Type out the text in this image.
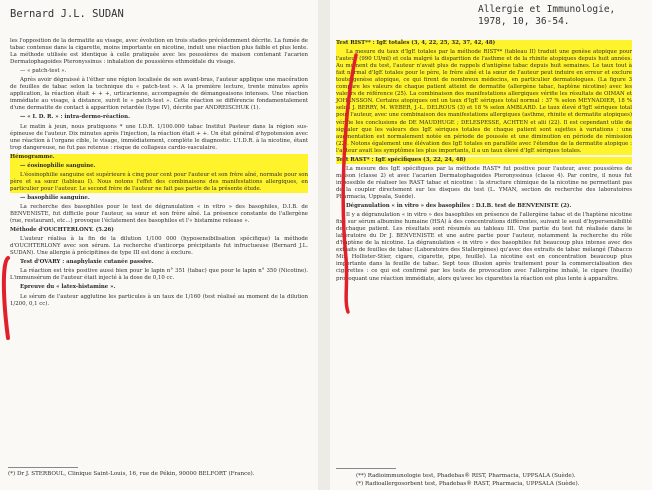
Bernard J.L. SUDAN

les l'opposition de la dermatite au visage, avec évolution en trois stades précédemment décrite. La fumée de tabac contenue dans la cigarette, moins importante en nicotine, induit une réaction plus faible et plus lente. La méthode utilisée est identique à celle pratiquée avec les poussières de maison contenant l'acarien Dermatophagoides Pteronyssinus : inhalation de poussières ethmoïdale du visage.

— « patch-test ».

Après avoir dégraissé à l'éther une région localisée de son avant-bras, l'auteur applique une macération de feuilles de tabac selon la technique du « patch-test ». A la première lecture, trente minutes après application, la réaction était + + +, urticarienne, accompagnée de démangeaisons intenses. Une réaction immédiate au visage, à distance, suivit le « patch-test ». Cette réaction se différencie fondamentalement d'une dermatite de contact à apparition retardée (type IV), décrite par ANDREISCHUK (1).

— « I. D. R. » : intra-dermo-réaction.

Le matin à jeun, nous pratiquons * une I.D.R. 1/100.000 tabac Institut Pasteur dans la région sus-épineuse de l'auteur. Dix minutes après l'injection, la réaction était + +. Un état général d'hypotension avec une réaction à l'organe cible, le visage, immédiatement, complète le diagnostic. L'I.D.R. à la nicotine, étant trop dangereuse, ne fut pas retenue : risque de collapsus cardio-vasculaire.

Hémogramme.

— éosinophilie sanguine.

L'éosinophilie sanguine est supérieure à cinq pour cent pour l'auteur et son frère aîné, normale pour son père et sa sœur (tableau I). Nous notons l'effet des combinaisons des manifestations allergiques, en particulier pour l'auteur. Le second frère de l'auteur ne fait pas partie de la présente étude.

— basophilie sanguine.

La recherche des basophiles pour le test de dégranulation « in vitro » des basophiles, D.I.B. de BENVENISTE, fut difficile pour l'auteur, sa sœur et son frère aîné. La présence constante de l'allergène (rue, restaurant, etc...) provoque l'éclatement des basophiles et l'« histamine release ».

Méthode d'OUCHTERLONY. (5.26)

L'auteur réalisa à la fin de la dilution 1/100 000 (hyposensibilisation spécifique) la méthode d'OUCHTERLONY avec son sérum. La recherche d'anticorps précipitants fut infructueuse (Bernard J.L. SUDAN). Une allergie à précipitines de type III est donc à exclure.

Test d'OVARY : anaphylaxie cutanée passive.

La réaction est très positive aussi bien pour le lapin n° 351 (tabac) que pour le lapin n° 350 (Nicotine). L'immunsérum de l'auteur était injecté à la dose de 0,10 cc.

Epreuve du « latex-histamine ».

Le sérum de l'auteur agglutine les particules à un taux de 1/160 (test réalisé au moment de la dilution 1/200, 0,1 cc).

(*) Dr J. STERBOUL, Clinique Saint-Louis, 16, rue de Pékin, 90000 BELFORT (France).
Allergie et Immunologie,
1978, 10, 36-54.

Test RIST** : IgE totales (3, 4, 22, 25, 32, 37, 42, 48)

La mesure du taux d'IgE totales par la méthode RIST** (tableau II) traduit une genèse atopique pour l'auteur (990 UI/ml) et cela malgré la disparition de l'asthme et de la rhinite atopiques depuis huit années. Au moment du test, l'auteur n'avait plus de rappels d'antigène tabac depuis huit semaines. Le taux tout à fait normal d'IgE totales pour le père, le frère aîné et la sœur de l'auteur peut induire en erreur et exclure toute genèse atopique, ce qui firent de nombreux médecins, en particulier dermatologues. (La figure 3 compare les valeurs de chaque patient atteint de dermatite (allergène tabac, haptène nicotine) avec les valeurs de référence (25). La combinaison des manifestations allergiques vérifie les résultats de OIMAN et JOHANSSON. Certains atopiques ont un taux d'IgE sériques total normal : 37 % selon MEYNADIER, 18 % selon J. BERRY, M. WEBER, J.-L. DELROUS (3) et 18 % selon AMBLARD. Le taux élevé d'IgE sériques total pour l'auteur, avec une combinaison des manifestations allergiques (asthme, rhinite et dermatite atopiques) vérifie les conclusions de DE MAUDHUGE ; DELESPESSE, ACHTEN et alii (22). Il est cependant utile de signaler que les valeurs des IgE sériques totales de chaque patient sont sujettes à variations : une augmentation est normalement notée en période de poussée et une diminution en période de rémission (22). Notons également une élévation des IgE totales en parallèle avec l'étendue de la dermatite atopique : l'auteur avait les symptômes les plus importants, il a un taux élevé d'IgE sériques totales.

Test RAST* : IgE spécifiques (3, 22, 24, 48)

La mesure des IgE spécifiques par la méthode RAST* fut positive pour l'auteur, avec poussières de maison (classe 2) et avec l'acarien Dermatophagoides Pteronyssinus (classe 4). Par contre, il nous fut impossible de réaliser les RAST tabac et nicotine : la structure chimique de la nicotine ne permettant pas de la coupler directement sur les disques du test (L. YMAN, section de recherche des laboratoires Pharmacia, Uppsala, Suède).

Dégranulation « in vitro » des basophiles : D.I.B. test de BENVENISTE (2).

Il y a dégranulation « in vitro » des basophiles en présence de l'allergène tabac et de l'haptène nicotine fixé sur sérum albumine humaine (HSA) à des concentrations différentes, suivant le seuil d'hypersensibilité de chaque patient. Les résultats sont résumés au tableau III. Une partie du test fut réalisée dans le laboratoire du Dr J. BENVENISTE et une autre partie pour l'auteur, notamment la recherche du rôle d'haptène de la nicotine. La dégranulation « in vitro » des basophiles fut beaucoup plus intense avec des extraits de feuilles de tabac (Laboratoire des Stallergènes) qu'avec des extraits de tabac mélangé (Tabacco Mix, Hollister-Stier, cigare, cigarette, pipe, feuille). La nicotine est en concentration beaucoup plus importante dans la feuille de tabac. Sept tous illusion après traitement pour la commercialisation des cigarettes : ce qui est confirmé par les tests de provocation avec l'allergène inhalé, le cigare (feuille) provoquant une réaction immédiate, alors qu'avec les cigarettes la réaction est plus lente à apparaître.

(**) Radioimmunologie test, Phadebas® RIST, Pharmacia, UPPSALA (Suède).
(*) Radioallergosorbent test, Phadebas® RAST, Pharmacia, UPPSALA (Suède).
